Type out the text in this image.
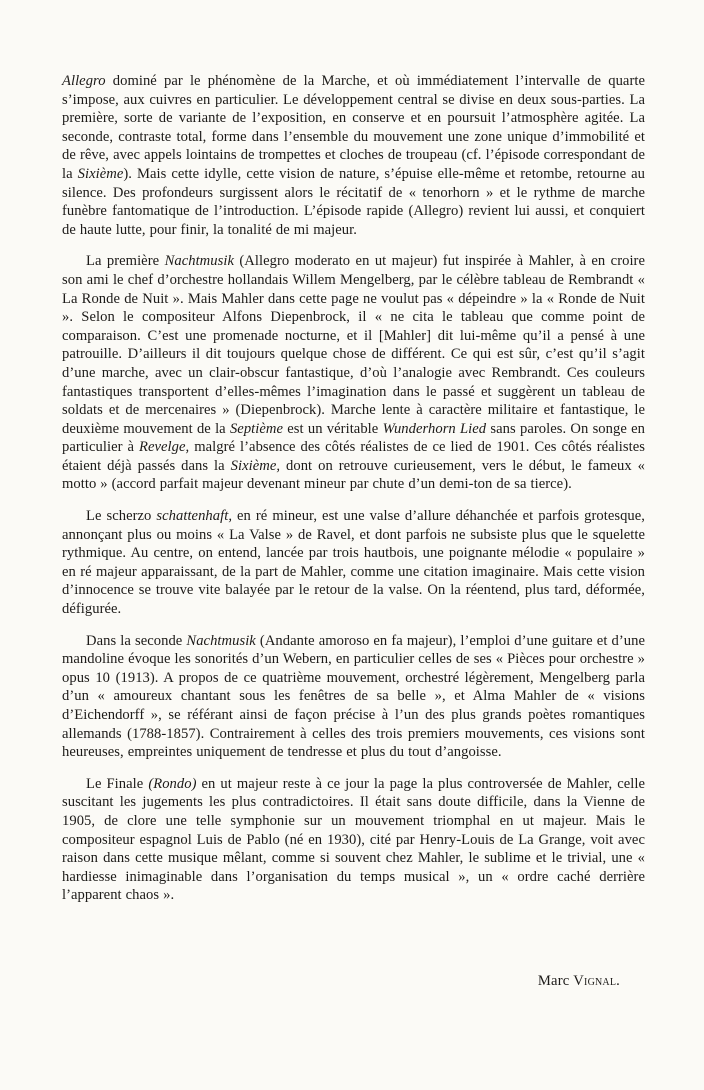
Allegro dominé par le phénomène de la Marche, et où immédiatement l’intervalle de quarte s’impose, aux cuivres en particulier. Le développement central se divise en deux sous-parties. La première, sorte de variante de l’exposition, en conserve et en poursuit l’atmosphère agitée. La seconde, contraste total, forme dans l’ensemble du mouvement une zone unique d’immobilité et de rêve, avec appels lointains de trompettes et cloches de troupeau (cf. l’épisode correspondant de la Sixième). Mais cette idylle, cette vision de nature, s’épuise elle-même et retombe, retourne au silence. Des profondeurs surgissent alors le récitatif de « tenorhorn » et le rythme de marche funèbre fantomatique de l’introduction. L’épisode rapide (Allegro) revient lui aussi, et conquiert de haute lutte, pour finir, la tonalité de mi majeur.

La première Nachtmusik (Allegro moderato en ut majeur) fut inspirée à Mahler, à en croire son ami le chef d’orchestre hollandais Willem Mengelberg, par le célèbre tableau de Rembrandt « La Ronde de Nuit ». Mais Mahler dans cette page ne voulut pas « dépeindre » la « Ronde de Nuit ». Selon le compositeur Alfons Diepenbrock, il « ne cita le tableau que comme point de comparaison. C’est une promenade nocturne, et il [Mahler] dit lui-même qu’il a pensé à une patrouille. D’ailleurs il dit toujours quelque chose de différent. Ce qui est sûr, c’est qu’il s’agit d’une marche, avec un clair-obscur fantastique, d’où l’analogie avec Rembrandt. Ces couleurs fantastiques transportent d’elles-mêmes l’imagination dans le passé et suggèrent un tableau de soldats et de mercenaires » (Diepenbrock). Marche lente à caractère militaire et fantastique, le deuxième mouvement de la Septième est un véritable Wunderhorn Lied sans paroles. On songe en particulier à Revelge, malgré l’absence des côtés réalistes de ce lied de 1901. Ces côtés réalistes étaient déjà passés dans la Sixième, dont on retrouve curieusement, vers le début, le fameux « motto » (accord parfait majeur devenant mineur par chute d’un demi-ton de sa tierce).

Le scherzo schattenhaft, en ré mineur, est une valse d’allure déhanchée et parfois grotesque, annonçant plus ou moins « La Valse » de Ravel, et dont parfois ne subsiste plus que le squelette rythmique. Au centre, on entend, lancée par trois hautbois, une poignante mélodie « populaire » en ré majeur apparaissant, de la part de Mahler, comme une citation imaginaire. Mais cette vision d’innocence se trouve vite balayée par le retour de la valse. On la réentend, plus tard, déformée, défigurée.

Dans la seconde Nachtmusik (Andante amoroso en fa majeur), l’emploi d’une guitare et d’une mandoline évoque les sonorités d’un Webern, en particulier celles de ses « Pièces pour orchestre » opus 10 (1913). A propos de ce quatrième mouvement, orchestré légèrement, Mengelberg parla d’un « amoureux chantant sous les fenêtres de sa belle », et Alma Mahler de « visions d’Eichendorff », se référant ainsi de façon précise à l’un des plus grands poètes romantiques allemands (1788-1857). Contrairement à celles des trois premiers mouvements, ces visions sont heureuses, empreintes uniquement de tendresse et plus du tout d’angoisse.

Le Finale (Rondo) en ut majeur reste à ce jour la page la plus controversée de Mahler, celle suscitant les jugements les plus contradictoires. Il était sans doute difficile, dans la Vienne de 1905, de clore une telle symphonie sur un mouvement triomphal en ut majeur. Mais le compositeur espagnol Luis de Pablo (né en 1930), cité par Henry-Louis de La Grange, voit avec raison dans cette musique mêlant, comme si souvent chez Mahler, le sublime et le trivial, une « hardiesse inimaginable dans l’organisation du temps musical », un « ordre caché derrière l’apparent chaos ».

Marc Vignal.
